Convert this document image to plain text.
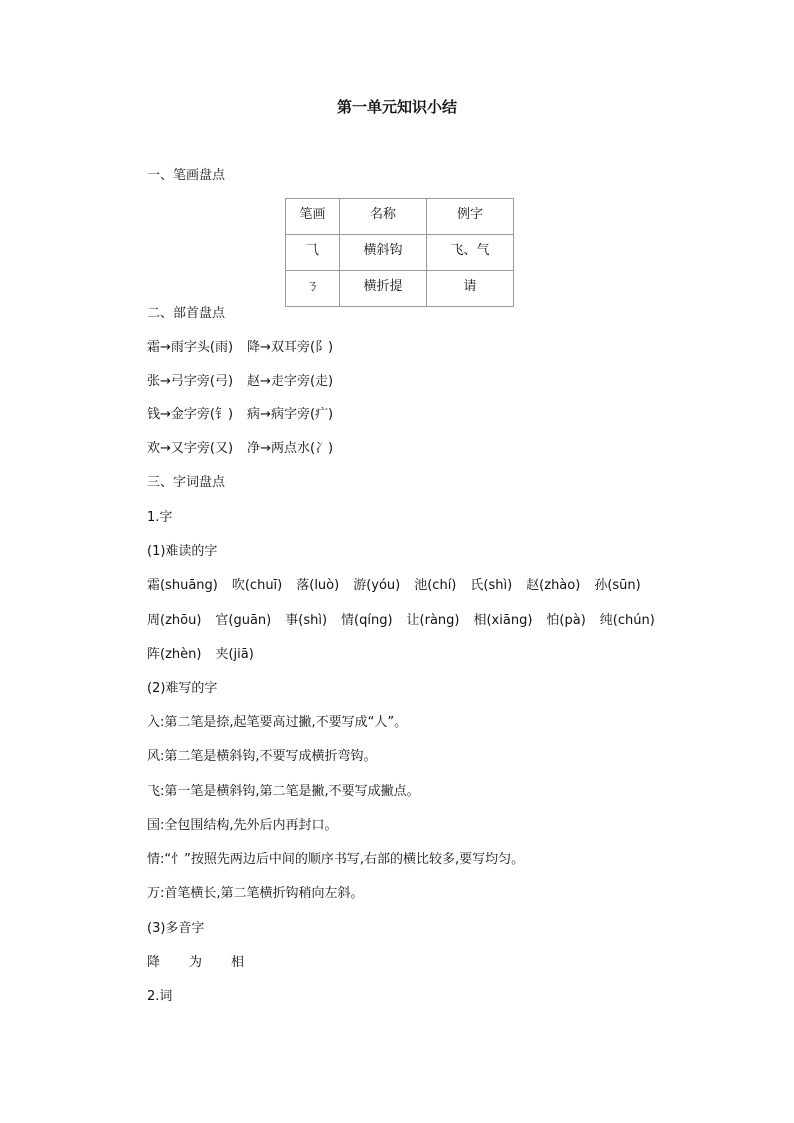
第一单元知识小结
一、笔画盘点
笔画	名称	例字
⺄	横斜钩	飞、气
ㄋ	横折提	请
二、部首盘点
霜→雨字头(雨) 降→双耳旁(阝)
张→弓字旁(弓) 赵→走字旁(走)
钱→金字旁(钅) 病→病字旁(疒)
欢→又字旁(又) 净→两点水(冫)
三、字词盘点
1.字
(1)难读的字
霜(shuāng) 吹(chuī) 落(luò) 游(yóu) 池(chí) 氏(shì) 赵(zhào) 孙(sūn)
周(zhōu) 官(guān) 事(shì) 情(qíng) 让(ràng) 相(xiāng) 怕(pà) 纯(chún)
阵(zhèn) 夹(jiā)
(2)难写的字
入:第二笔是捺,起笔要高过撇,不要写成“人”。
风:第二笔是横斜钩,不要写成横折弯钩。
飞:第一笔是横斜钩,第二笔是撇,不要写成撇点。
国:全包围结构,先外后内再封口。
情:“忄”按照先两边后中间的顺序书写,右部的横比较多,要写均匀。
万:首笔横长,第二笔横折钩稍向左斜。
(3)多音字
降 为 相
2.词
